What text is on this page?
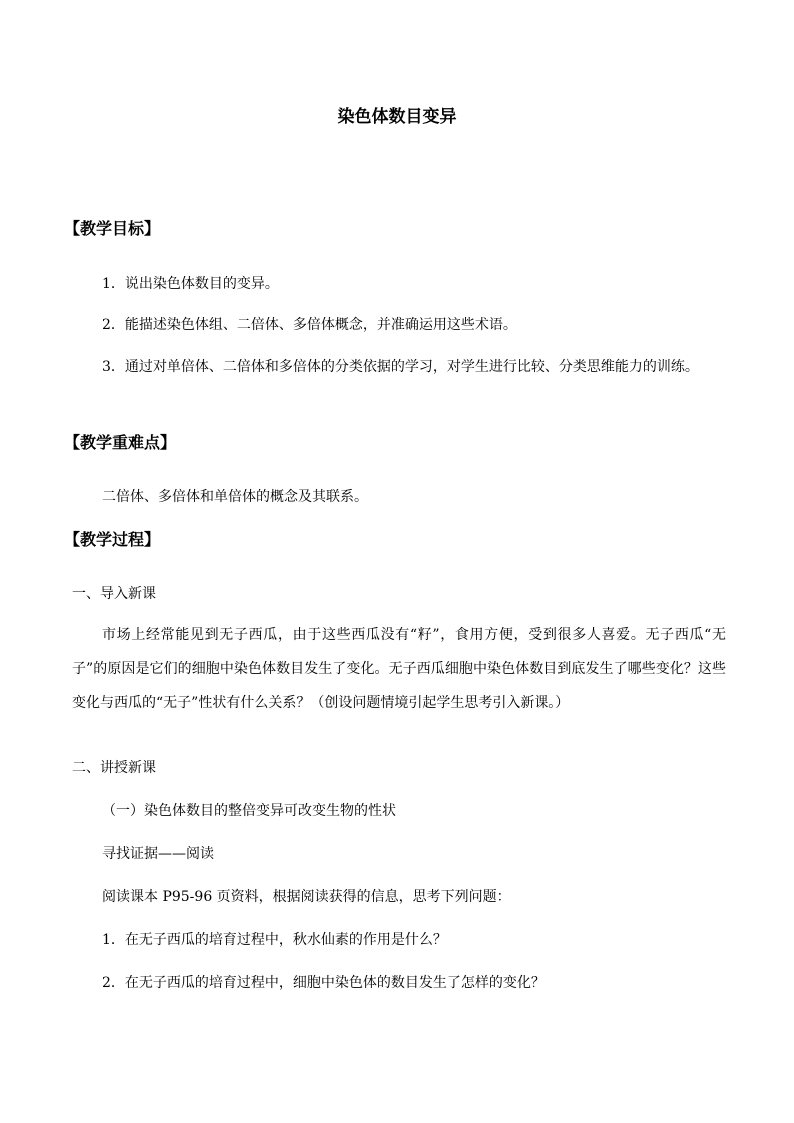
染色体数目变异
【教学目标】
1．说出染色体数目的变异。
2．能描述染色体组、二倍体、多倍体概念，并准确运用这些术语。

3．通过对单倍体、二倍体和多倍体的分类依据的学习，对学生进行比较、分类思维能力的训练。

【教学重难点】
二倍体、多倍体和单倍体的概念及其联系。
【教学过程】
一、导入新课

市场上经常能见到无子西瓜，由于这些西瓜没有“籽”，食用方便，受到很多人喜爱。无子西瓜“无子”的原因是它们的细胞中染色体数目发生了变化。无子西瓜细胞中染色体数目到底发生了哪些变化？这些变化与西瓜的“无子”性状有什么关系？（创设问题情境引起学生思考引入新课。）

二、讲授新课
（一）染色体数目的整倍变异可改变生物的性状
寻找证据——阅读
阅读课本 P95-96 页资料，根据阅读获得的信息，思考下列问题：
1．在无子西瓜的培育过程中，秋水仙素的作用是什么？
2．在无子西瓜的培育过程中，细胞中染色体的数目发生了怎样的变化？
